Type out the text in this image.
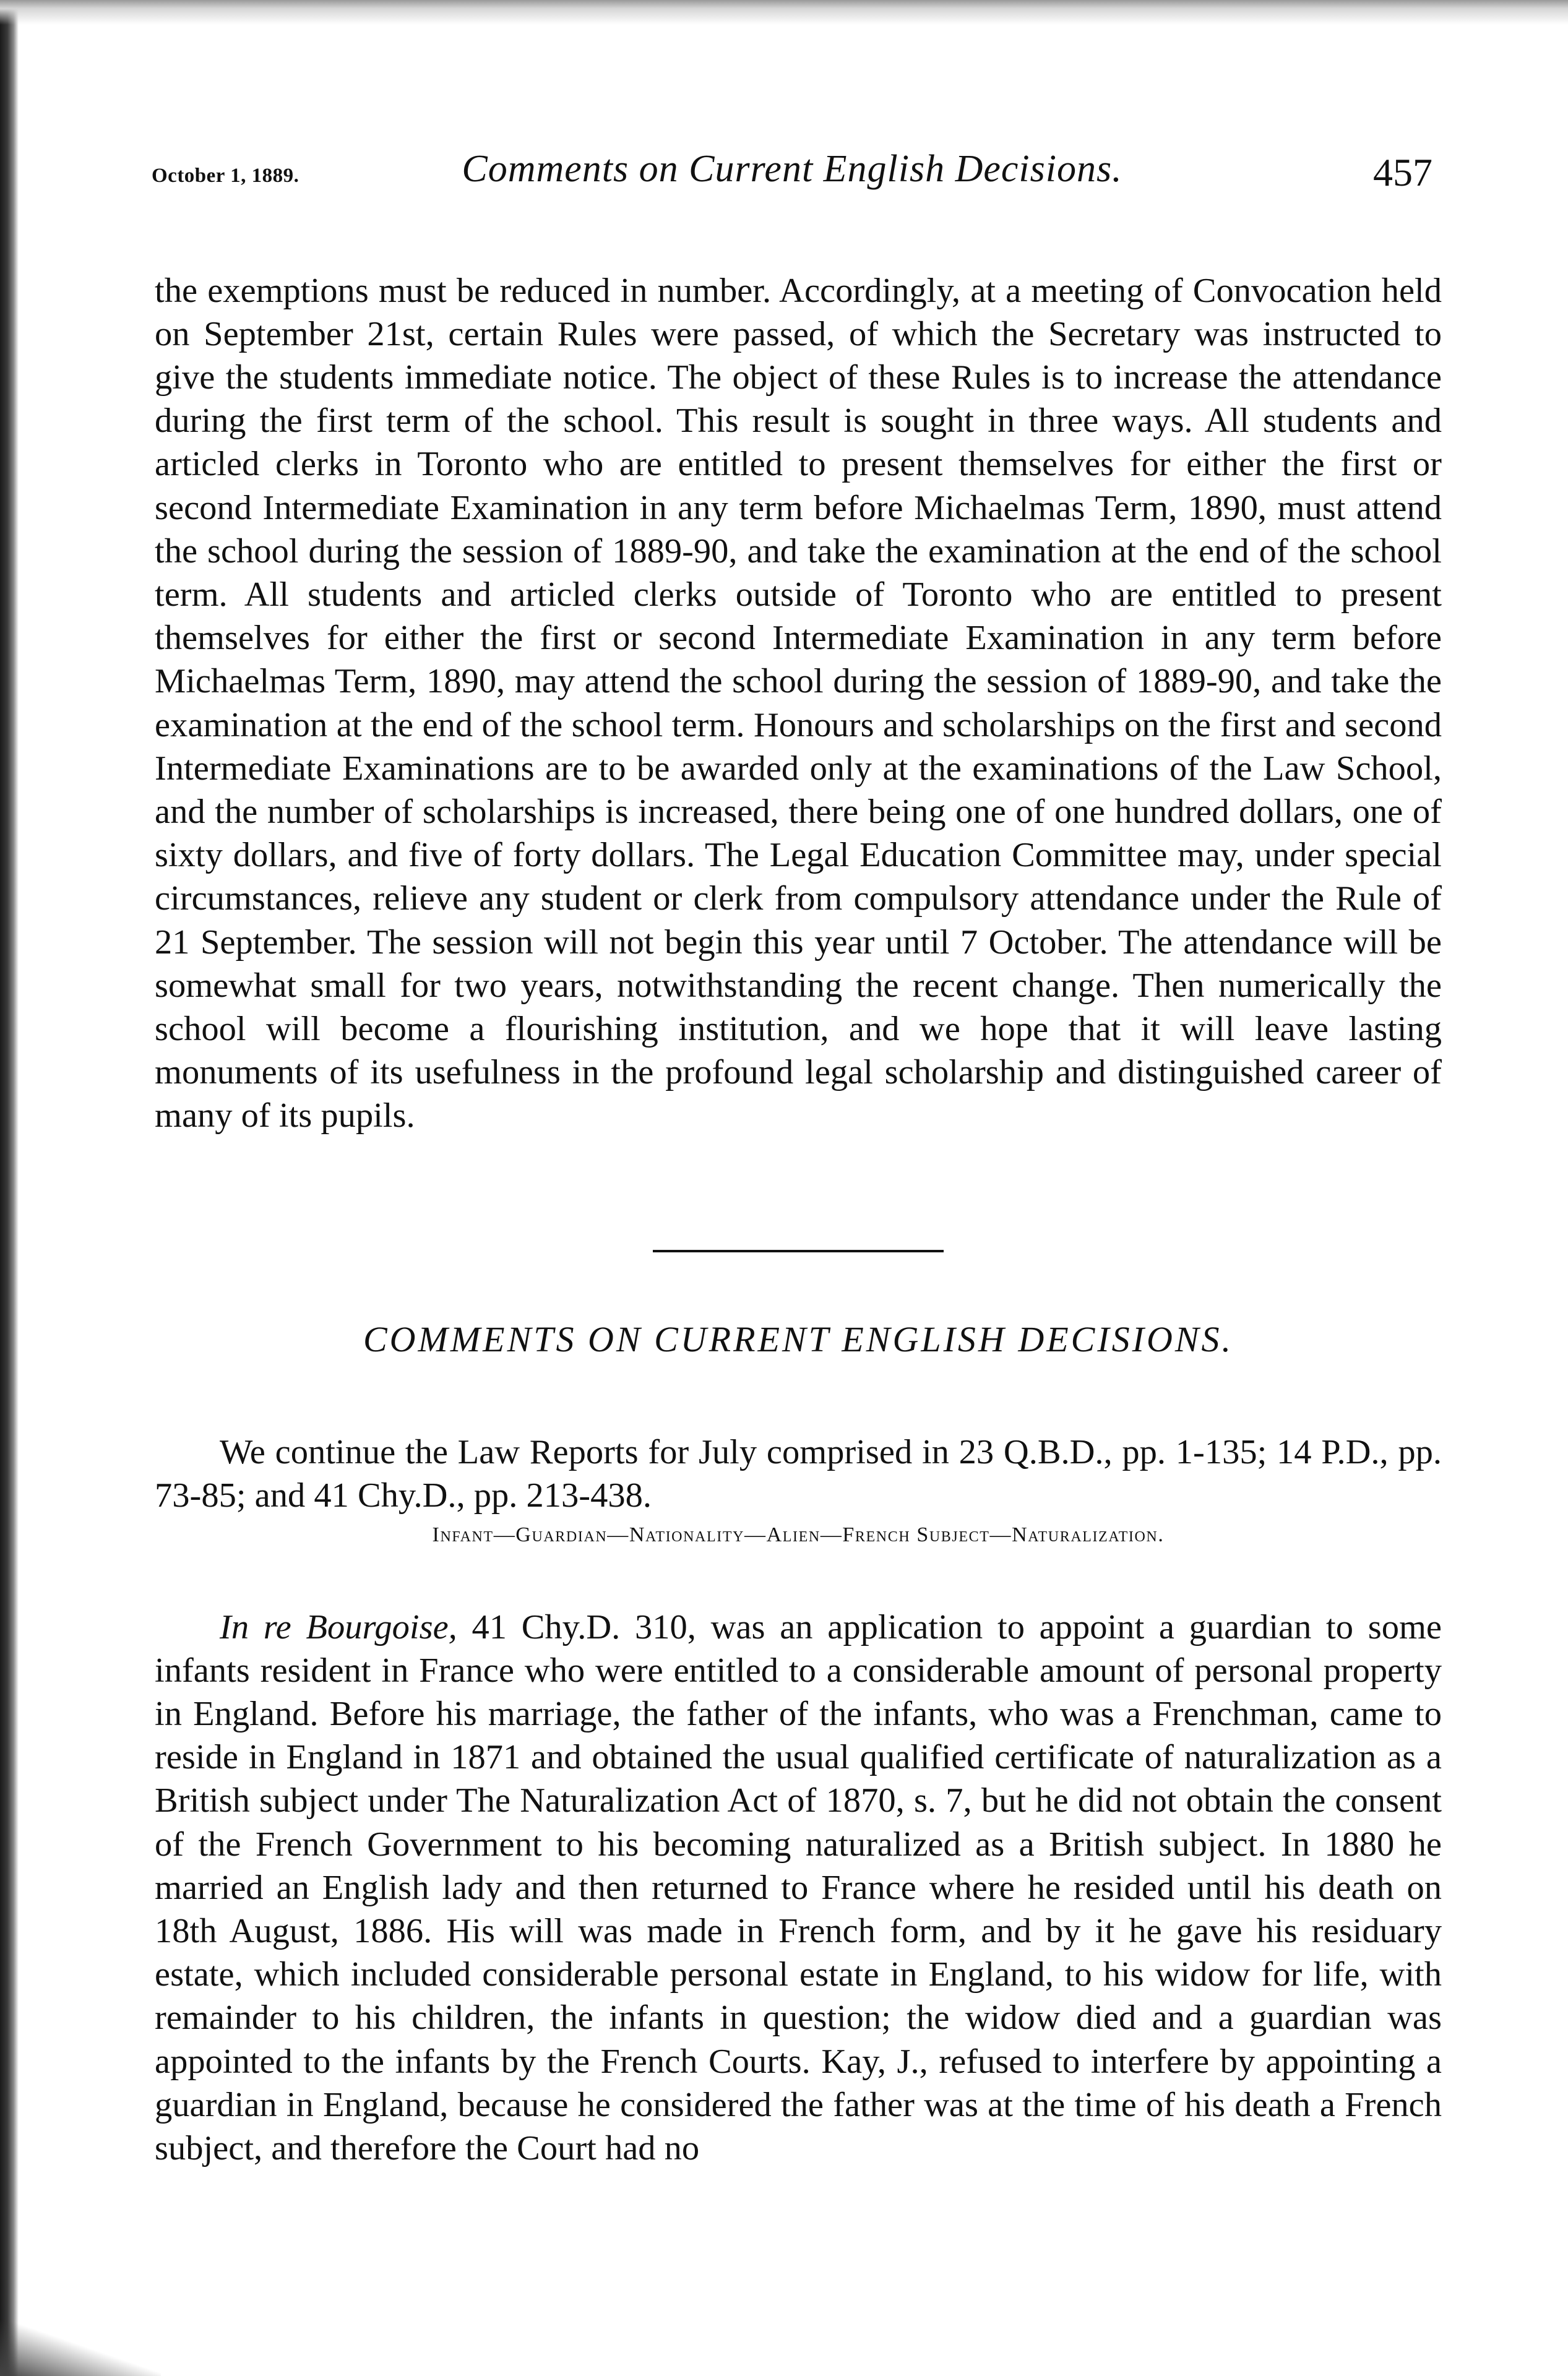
October 1, 1889.	Comments on Current English Decisions.	457

the exemptions must be reduced in number. Accordingly, at a meeting of Convocation held on September 21st, certain Rules were passed, of which the Secretary was instructed to give the students immediate notice. The object of these Rules is to increase the attendance during the first term of the school. This result is sought in three ways. All students and articled clerks in Toronto who are entitled to present themselves for either the first or second Intermediate Examination in any term before Michaelmas Term, 1890, must attend the school during the session of 1889-90, and take the examination at the end of the school term. All students and articled clerks outside of Toronto who are entitled to present themselves for either the first or second Intermediate Examination in any term before Michaelmas Term, 1890, may attend the school during the session of 1889-90, and take the examination at the end of the school term. Honours and scholarships on the first and second Intermediate Examinations are to be awarded only at the examinations of the Law School, and the number of scholarships is increased, there being one of one hundred dollars, one of sixty dollars, and five of forty dollars. The Legal Education Committee may, under special circumstances, relieve any student or clerk from compulsory attendance under the Rule of 21 September. The session will not begin this year until 7 October. The attendance will be somewhat small for two years, notwithstanding the recent change. Then numerically the school will become a flourishing institution, and we hope that it will leave lasting monuments of its usefulness in the profound legal scholarship and distinguished career of many of its pupils.

COMMENTS ON CURRENT ENGLISH DECISIONS.

We continue the Law Reports for July comprised in 23 Q.B.D., pp. 1-135; 14 P.D., pp. 73-85; and 41 Chy.D., pp. 213-438.

Infant—Guardian—Nationality—Alien—French Subject—Naturalization.

In re Bourgoise, 41 Chy.D. 310, was an application to appoint a guardian to some infants resident in France who were entitled to a considerable amount of personal property in England. Before his marriage, the father of the infants, who was a Frenchman, came to reside in England in 1871 and obtained the usual qualified certificate of naturalization as a British subject under The Naturalization Act of 1870, s. 7, but he did not obtain the consent of the French Government to his becoming naturalized as a British subject. In 1880 he married an English lady and then returned to France where he resided until his death on 18th August, 1886. His will was made in French form, and by it he gave his residuary estate, which included considerable personal estate in England, to his widow for life, with remainder to his children, the infants in question; the widow died and a guardian was appointed to the infants by the French Courts. Kay, J., refused to interfere by appointing a guardian in England, because he considered the father was at the time of his death a French subject, and therefore the Court had no
